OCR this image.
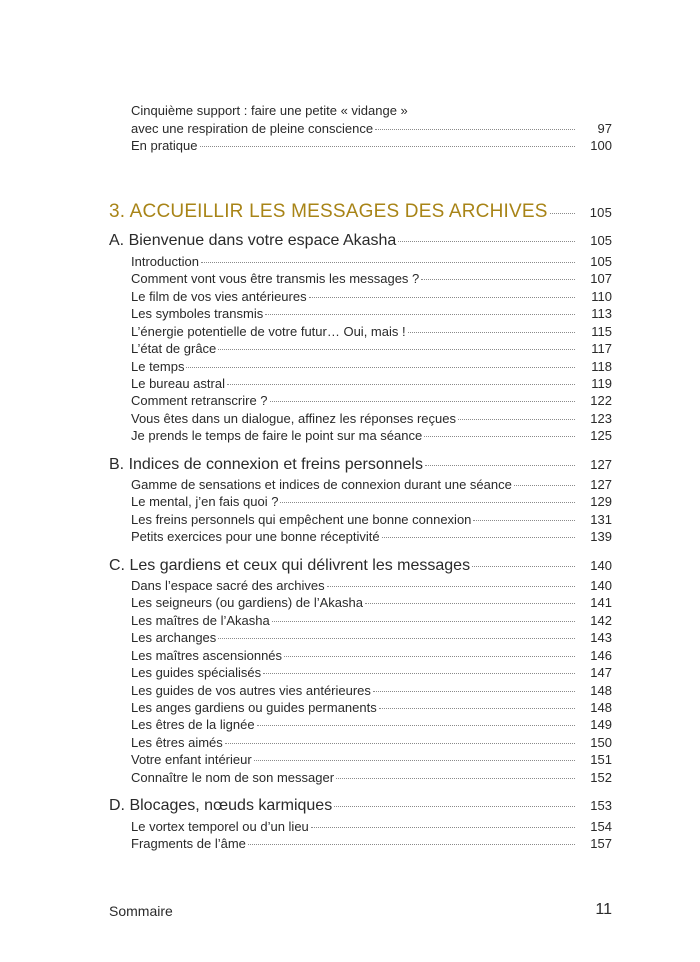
Cinquième support : faire une petite « vidange »
avec une respiration de pleine conscience	97
En pratique	100
3. ACCUEILLIR LES MESSAGES DES ARCHIVES	105
A. Bienvenue dans votre espace Akasha	105
Introduction	105
Comment vont vous être transmis les messages ?	107
Le film de vos vies antérieures	110
Les symboles transmis	113
L’énergie potentielle de votre futur… Oui, mais !	115
L’état de grâce	117
Le temps	118
Le bureau astral	119
Comment retranscrire ?	122
Vous êtes dans un dialogue, affinez les réponses reçues	123
Je prends le temps de faire le point sur ma séance	125
B. Indices de connexion et freins personnels	127
Gamme de sensations et indices de connexion durant une séance	127
Le mental, j’en fais quoi ?	129
Les freins personnels qui empêchent une bonne connexion	131
Petits exercices pour une bonne réceptivité	139
C. Les gardiens et ceux qui délivrent les messages	140
Dans l’espace sacré des archives	140
Les seigneurs (ou gardiens) de l’Akasha	141
Les maîtres de l’Akasha	142
Les archanges	143
Les maîtres ascensionnés	146
Les guides spécialisés	147
Les guides de vos autres vies antérieures	148
Les anges gardiens ou guides permanents	148
Les êtres de la lignée	149
Les êtres aimés	150
Votre enfant intérieur	151
Connaître le nom de son messager	152
D. Blocages, nœuds karmiques	153
Le vortex temporel ou d’un lieu	154
Fragments de l’âme	157
Sommaire	11
